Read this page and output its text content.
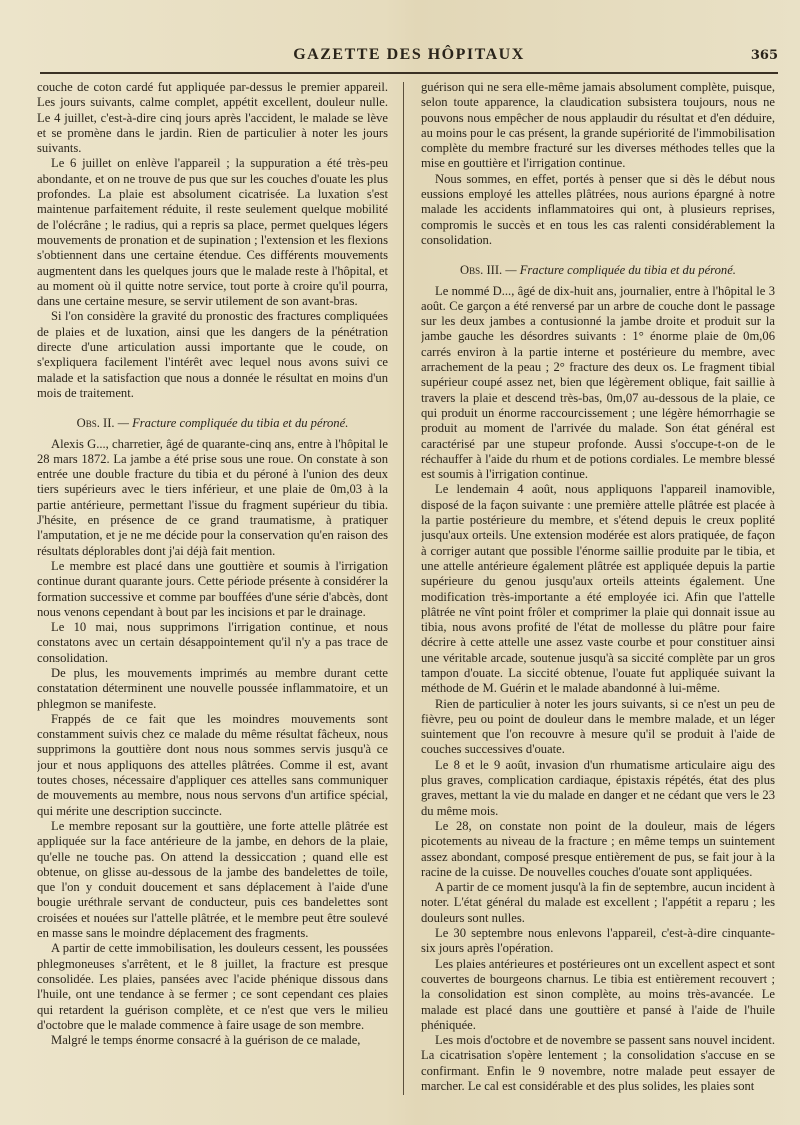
GAZETTE DES HÔPITAUX	365

couche de coton cardé fut appliquée par-dessus le premier appareil. Les jours suivants, calme complet, appétit excellent, douleur nulle. Le 4 juillet, c'est-à-dire cinq jours après l'accident, le malade se lève et se promène dans le jardin. Rien de particulier à noter les jours suivants.

Le 6 juillet on enlève l'appareil ; la suppuration a été très-peu abondante, et on ne trouve de pus que sur les couches d'ouate les plus profondes. La plaie est absolument cicatrisée. La luxation s'est maintenue parfaitement réduite, il reste seulement quelque mobilité de l'olécrâne ; le radius, qui a repris sa place, permet quelques légers mouvements de pronation et de supination ; l'extension et les flexions s'obtiennent dans une certaine étendue. Ces différents mouvements augmentent dans les quelques jours que le malade reste à l'hôpital, et au moment où il quitte notre service, tout porte à croire qu'il pourra, dans une certaine mesure, se servir utilement de son avant-bras.

Si l'on considère la gravité du pronostic des fractures compliquées de plaies et de luxation, ainsi que les dangers de la pénétration directe d'une articulation aussi importante que le coude, on s'expliquera facilement l'intérêt avec lequel nous avons suivi ce malade et la satisfaction que nous a donnée le résultat en moins d'un mois de traitement.

Obs. II. — Fracture compliquée du tibia et du péroné.

Alexis G..., charretier, âgé de quarante-cinq ans, entre à l'hôpital le 28 mars 1872. La jambe a été prise sous une roue. On constate à son entrée une double fracture du tibia et du péroné à l'union des deux tiers supérieurs avec le tiers inférieur, et une plaie de 0m,03 à la partie antérieure, permettant l'issue du fragment supérieur du tibia. J'hésite, en présence de ce grand traumatisme, à pratiquer l'amputation, et je ne me décide pour la conservation qu'en raison des résultats déplorables dont j'ai déjà fait mention.

Le membre est placé dans une gouttière et soumis à l'irrigation continue durant quarante jours. Cette période présente à considérer la formation successive et comme par bouffées d'une série d'abcès, dont nous venons cependant à bout par les incisions et par le drainage.

Le 10 mai, nous supprimons l'irrigation continue, et nous constatons avec un certain désappointement qu'il n'y a pas trace de consolidation.

De plus, les mouvements imprimés au membre durant cette constatation déterminent une nouvelle poussée inflammatoire, et un phlegmon se manifeste.

Frappés de ce fait que les moindres mouvements sont constamment suivis chez ce malade du même résultat fâcheux, nous supprimons la gouttière dont nous nous sommes servis jusqu'à ce jour et nous appliquons des attelles plâtrées. Comme il est, avant toutes choses, nécessaire d'appliquer ces attelles sans communiquer de mouvements au membre, nous nous servons d'un artifice spécial, qui mérite une description succincte.

Le membre reposant sur la gouttière, une forte attelle plâtrée est appliquée sur la face antérieure de la jambe, en dehors de la plaie, qu'elle ne touche pas. On attend la dessiccation ; quand elle est obtenue, on glisse au-dessous de la jambe des bandelettes de toile, que l'on y conduit doucement et sans déplacement à l'aide d'une bougie uréthrale servant de conducteur, puis ces bandelettes sont croisées et nouées sur l'attelle plâtrée, et le membre peut être soulevé en masse sans le moindre déplacement des fragments.

A partir de cette immobilisation, les douleurs cessent, les poussées phlegmoneuses s'arrêtent, et le 8 juillet, la fracture est presque consolidée. Les plaies, pansées avec l'acide phénique dissous dans l'huile, ont une tendance à se fermer ; ce sont cependant ces plaies qui retardent la guérison complète, et ce n'est que vers le milieu d'octobre que le malade commence à faire usage de son membre.

Malgré le temps énorme consacré à la guérison de ce malade,

guérison qui ne sera elle-même jamais absolument complète, puisque, selon toute apparence, la claudication subsistera toujours, nous ne pouvons nous empêcher de nous applaudir du résultat et d'en déduire, au moins pour le cas présent, la grande supériorité de l'immobilisation complète du membre fracturé sur les diverses méthodes telles que la mise en gouttière et l'irrigation continue.

Nous sommes, en effet, portés à penser que si dès le début nous eussions employé les attelles plâtrées, nous aurions épargné à notre malade les accidents inflammatoires qui ont, à plusieurs reprises, compromis le succès et en tous les cas ralenti considérablement la consolidation.

Obs. III. — Fracture compliquée du tibia et du péroné.

Le nommé D..., âgé de dix-huit ans, journalier, entre à l'hôpital le 3 août. Ce garçon a été renversé par un arbre de couche dont le passage sur les deux jambes a contusionné la jambe droite et produit sur la jambe gauche les désordres suivants : 1° énorme plaie de 0m,06 carrés environ à la partie interne et postérieure du membre, avec arrachement de la peau ; 2° fracture des deux os. Le fragment tibial supérieur coupé assez net, bien que légèrement oblique, fait saillie à travers la plaie et descend très-bas, 0m,07 au-dessous de la plaie, ce qui produit un énorme raccourcissement ; une légère hémorrhagie se produit au moment de l'arrivée du malade. Son état général est caractérisé par une stupeur profonde. Aussi s'occupe-t-on de le réchauffer à l'aide du rhum et de potions cordiales. Le membre blessé est soumis à l'irrigation continue.

Le lendemain 4 août, nous appliquons l'appareil inamovible, disposé de la façon suivante : une première attelle plâtrée est placée à la partie postérieure du membre, et s'étend depuis le creux poplité jusqu'aux orteils. Une extension modérée est alors pratiquée, de façon à corriger autant que possible l'énorme saillie produite par le tibia, et une attelle antérieure également plâtrée est appliquée depuis la partie supérieure du genou jusqu'aux orteils atteints également. Une modification très-importante a été employée ici. Afin que l'attelle plâtrée ne vînt point frôler et comprimer la plaie qui donnait issue au tibia, nous avons profité de l'état de mollesse du plâtre pour faire décrire à cette attelle une assez vaste courbe et pour constituer ainsi une véritable arcade, soutenue jusqu'à sa siccité complète par un gros tampon d'ouate. La siccité obtenue, l'ouate fut appliquée suivant la méthode de M. Guérin et le malade abandonné à lui-même.

Rien de particulier à noter les jours suivants, si ce n'est un peu de fièvre, peu ou point de douleur dans le membre malade, et un léger suintement que l'on recouvre à mesure qu'il se produit à l'aide de couches successives d'ouate.

Le 8 et le 9 août, invasion d'un rhumatisme articulaire aigu des plus graves, complication cardiaque, épistaxis répétés, état des plus graves, mettant la vie du malade en danger et ne cédant que vers le 23 du même mois.

Le 28, on constate non point de la douleur, mais de légers picotements au niveau de la fracture ; en même temps un suintement assez abondant, composé presque entièrement de pus, se fait jour à la racine de la cuisse. De nouvelles couches d'ouate sont appliquées.

A partir de ce moment jusqu'à la fin de septembre, aucun incident à noter. L'état général du malade est excellent ; l'appétit a reparu ; les douleurs sont nulles.

Le 30 septembre nous enlevons l'appareil, c'est-à-dire cinquante-six jours après l'opération.

Les plaies antérieures et postérieures ont un excellent aspect et sont couvertes de bourgeons charnus. Le tibia est entièrement recouvert ; la consolidation est sinon complète, au moins très-avancée. Le malade est placé dans une gouttière et pansé à l'aide de l'huile phéniquée.

Les mois d'octobre et de novembre se passent sans nouvel incident. La cicatrisation s'opère lentement ; la consolidation s'accuse en se confirmant. Enfin le 9 novembre, notre malade peut essayer de marcher. Le cal est considérable et des plus solides, les plaies sont
